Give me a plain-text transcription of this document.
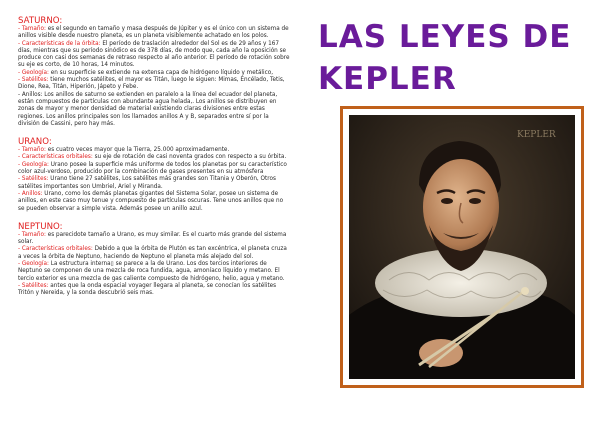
SATURNO:

- Tamaño: es el segundo en tamaño y masa después de Júpiter y es el único con un sistema de anillos visible desde nuestro planeta, es un planeta visiblemente achatado en los polos.

- Características de la órbita: El período de traslación alrededor del Sol es de 29 años y 167 días, mientras que su período sinódico es de 378 días, de modo que, cada año la oposición se produce con casi dos semanas de retraso respecto al año anterior. El período de rotación sobre su eje es corto, de 10 horas, 14 minutos.

- Geología: en su superficie se extiende na extensa capa de hidrógeno líquido y metálico,

- Satélites: tiene muchos satélites, el mayor es Titán, luego le siguen: Mimas, Encélado, Tetis, Dione, Rea, Titán, Hiperión, Jápeto y Febe.

- Anillos: Los anillos de saturno se extienden en paralelo a la línea del ecuador del planeta, están compuestos de partículas con abundante agua helada,. Los anillos se distribuyen en zonas de mayor y menor densidad de material existiendo claras divisiones entre estas regiones. Los anillos principales son los llamados anillos A y B, separados entre sí por la división de Cassini, pero hay más.

URANO:

- Tamaño: es cuatro veces mayor que la Tierra, 25.000 aproximadamente.

- Características orbitales: su eje de rotación de casi noventa grados con respecto a su órbita.

- Geología: Urano posee la superficie más uniforme de todos los planetas por su característico color azul-verdoso, producido por la combinación de gases presentes en su atmósfera

- Satélites: Urano tiene 27 satélites, Los satélites más grandes son Titania y Oberón, Otros satélites importantes son Umbriel, Ariel y Miranda.

- Anillos: Urano, como los demás planetas gigantes del Sistema Solar, posee un sistema de anillos, en este caso muy tenue y compuesto de partículas oscuras. Tene unos anillos que no se pueden observar a simple vista. Además posee un anillo azul.

NEPTUNO:

- Tamaño: es parecidote tamaño a Urano, es muy similar. Es el cuarto más grande del sistema solar.

- Características orbitales: Debido a que la órbita de Plutón es tan excéntrica, el planeta cruza a veces la órbita de Neptuno, haciendo de Neptuno el planeta más alejado del sol.

- Geología: La estructura interna▯ se parece a la de Urano. Los dos tercios interiores de Neptuno se componen de una mezcla de roca fundida, agua, amoníaco líquido y metano. El tercio exterior es una mezcla de gas caliente compuesto de hidrógeno, helio, agua y metano.

- Satélites: antes que la onda espacial voyager llegara al planeta, se conocían los satélites Tritón y Nereida, y la sonda descubrió seis mas.

LAS LEYES DE
KEPLER
KEPLER
